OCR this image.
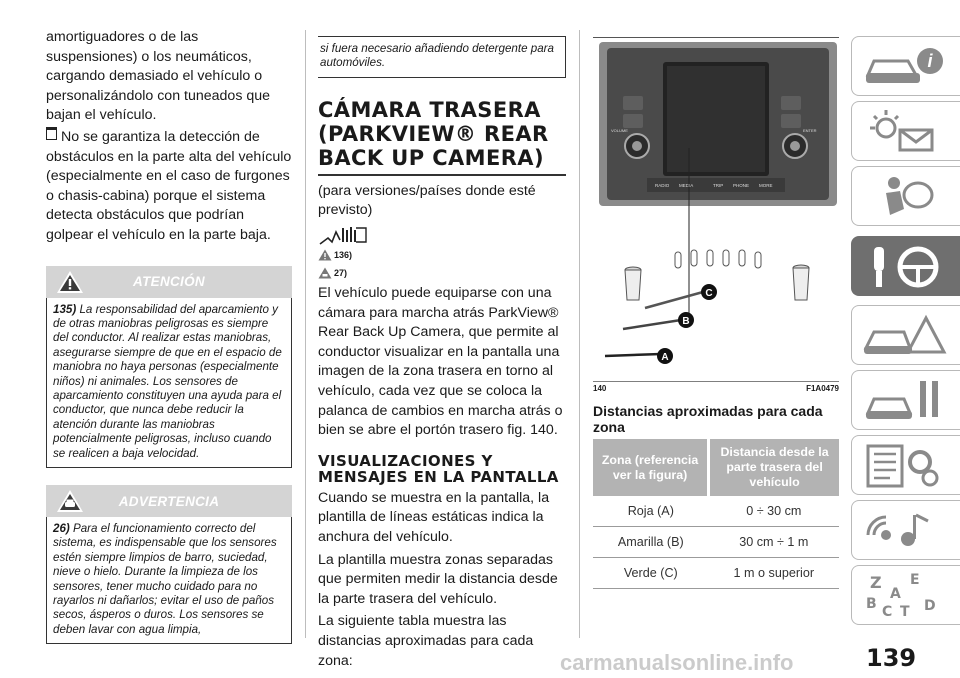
amortiguadores o de las suspensiones) o los neumáticos, cargando demasiado el vehículo o personalizándolo con tuneados que bajan el vehículo.

No se garantiza la detección de obstáculos en la parte alta del vehículo (especialmente en el caso de furgones o chasis-cabina) porque el sistema detecta obstáculos que podrían golpear el vehículo en la parte baja.

ATENCIÓN
135) La responsabilidad del aparcamiento y de otras maniobras peligrosas es siempre del conductor. Al realizar estas maniobras, asegurarse siempre de que en el espacio de maniobra no haya personas (especialmente niños) ni animales. Los sensores de aparcamiento constituyen una ayuda para el conductor, que nunca debe reducir la atención durante las maniobras potencialmente peligrosas, incluso cuando se realicen a baja velocidad.
ADVERTENCIA
26) Para el funcionamiento correcto del sistema, es indispensable que los sensores estén siempre limpios de barro, suciedad, nieve o hielo. Durante la limpieza de los sensores, tener mucho cuidado para no rayarlos ni dañarlos; evitar el uso de paños secos, ásperos o duros. Los sensores se deben lavar con agua limpia,
si fuera necesario añadiendo detergente para automóviles.
CÁMARA TRASERA (PARKVIEW® REAR BACK UP CAMERA)

(para versiones/países donde esté previsto)

136)
27)

El vehículo puede equiparse con una cámara para marcha atrás ParkView® Rear Back Up Camera, que permite al conductor visualizar en la pantalla una imagen de la zona trasera en torno al vehículo, cada vez que se coloca la palanca de cambios en marcha atrás o bien se abre el portón trasero fig. 140.

VISUALIZACIONES Y MENSAJES EN LA PANTALLA

Cuando se muestra en la pantalla, la plantilla de líneas estáticas indica la anchura del vehículo.

La plantilla muestra zonas separadas que permiten medir la distancia desde la parte trasera del vehículo.

La siguiente tabla muestra las distancias aproximadas para cada zona:

VOLUME	ENTER
RADIO MEDIA	TRIP PHONE MORE
A
B
C
140	F1A0479
Distancias aproximadas para cada zona
Zona (referencia ver la figura)	Distancia desde la parte trasera del vehículo
Roja (A)	0 ÷ 30 cm
Amarilla (B)	30 cm ÷ 1 m
Verde (C)	1 m o superior
i
Z E
A
B C T D
139
carmanualsonline.info
